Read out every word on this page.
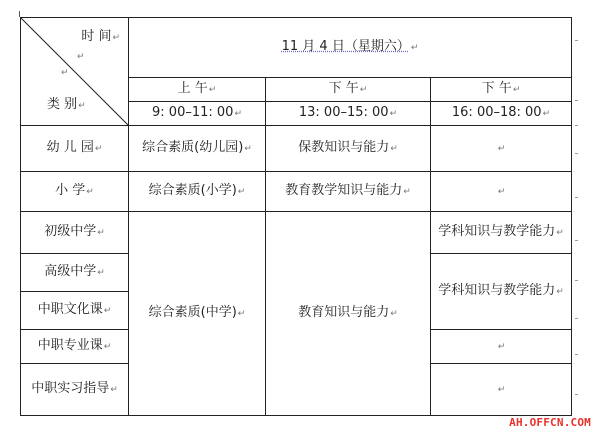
时 间↵
↵
↵
类 别↵	11 月 4 日（星期六）↵		
	上 午↵	下 午↵	下 午↵
	9: 00–11: 00↵	13: 00–15: 00↵	16: 00–18: 00↵
幼 儿 园↵	综合素质(幼儿园)↵	保教知识与能力↵	↵
小 学↵	综合素质(小学)↵	教育教学知识与能力↵	↵
初级中学↵	综合素质(中学)↵	教育知识与能力↵	学科知识与教学能力↵
高级中学↵			学科知识与教学能力↵
中职文化课↵			
中职专业课↵			↵
中职实习指导↵			↵
AH.OFFCN.COM
